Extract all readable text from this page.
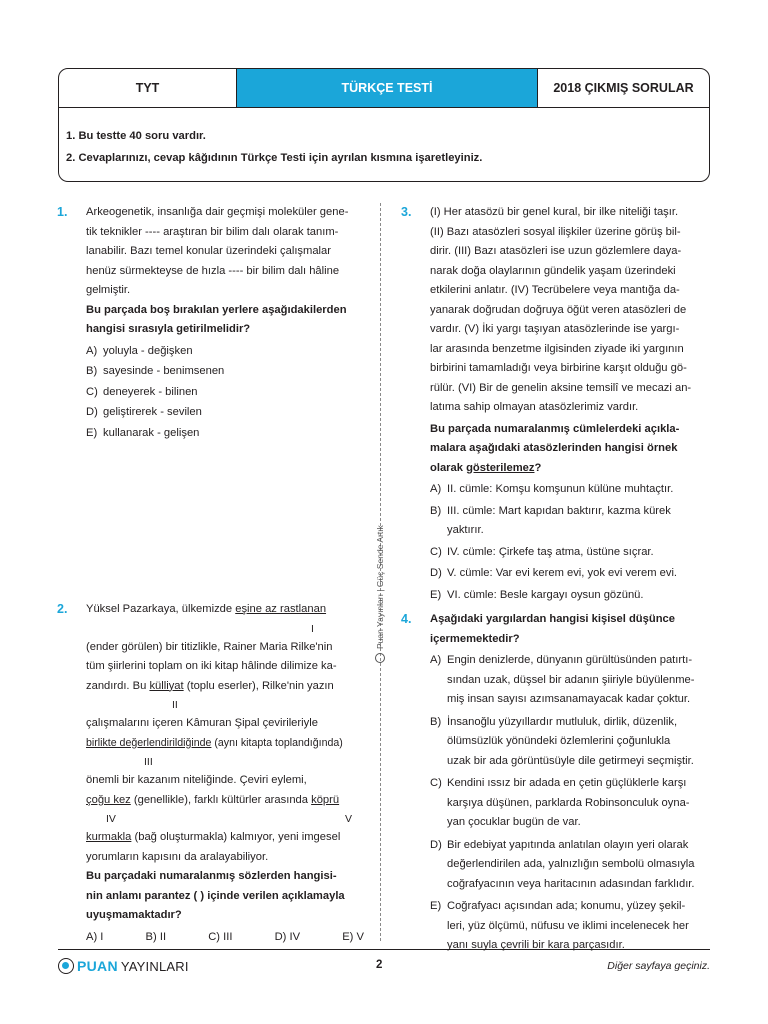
TYT	TÜRKÇE TESTİ	2018 ÇIKMIŞ SORULAR
1. Bu testte 40 soru vardır.
2. Cevaplarınızı, cevap kâğıdının Türkçe Testi için ayrılan kısmına işaretleyiniz.
Puan Yayınları | Güç Sende Artık
1. Arkeogenetik, insanlığa dair geçmişi moleküler gene-
tik teknikler ---- araştıran bir bilim dalı olarak tanım-
lanabilir. Bazı temel konular üzerindeki çalışmalar
henüz sürmekteyse de hızla ---- bir bilim dalı hâline
gelmiştir.
Bu parçada boş bırakılan yerlere aşağıdakilerden
hangisi sırasıyla getirilmelidir?
A) yoluyla - değişken
B) sayesinde - benimsenen
C) deneyerek - bilinen
D) geliştirerek - sevilen
E) kullanarak - gelişen
2. Yüksel Pazarkaya, ülkemizde eşine az rastlanan
I
(ender görülen) bir titizlikle, Rainer Maria Rilke'nin
tüm şiirlerini toplam on iki kitap hâlinde dilimize ka-
zandırdı. Bu külliyat (toplu eserler), Rilke'nin yazın
II
çalışmalarını içeren Kâmuran Şipal çevirileriyle
birlikte değerlendirildiğinde (aynı kitapta toplandığında)
III
önemli bir kazanım niteliğinde. Çeviri eylemi,
çoğu kez (genellikle), farklı kültürler arasında köprü
IV	V
kurmakla (bağ oluşturmakla) kalmıyor, yeni imgesel
yorumların kapısını da aralayabiliyor.
Bu parçadaki numaralanmış sözlerden hangisi-
nin anlamı parantez ( ) içinde verilen açıklamayla
uyuşmamaktadır?
A) I	B) II	C) III	D) IV	E) V
3. (I) Her atasözü bir genel kural, bir ilke niteliği taşır.
(II) Bazı atasözleri sosyal ilişkiler üzerine görüş bil-
dirir. (III) Bazı atasözleri ise uzun gözlemlere daya-
narak doğa olaylarının gündelik yaşam üzerindeki
etkilerini anlatır. (IV) Tecrübelere veya mantığa da-
yanarak doğrudan doğruya öğüt veren atasözleri de
vardır. (V) İki yargı taşıyan atasözlerinde ise yargı-
lar arasında benzetme ilgisinden ziyade iki yargının
birbirini tamamladığı veya birbirine karşıt olduğu gö-
rülür. (VI) Bir de genelin aksine temsilî ve mecazi an-
latıma sahip olmayan atasözlerimiz vardır.
Bu parçada numaralanmış cümlelerdeki açıkla-
malara aşağıdaki atasözlerinden hangisi örnek
olarak gösterilemez?
A) II. cümle: Komşu komşunun külüne muhtaçtır.
B) III. cümle: Mart kapıdan baktırır, kazma kürek
yaktırır.
C) IV. cümle: Çirkefe taş atma, üstüne sıçrar.
D) V. cümle: Var evi kerem evi, yok evi verem evi.
E) VI. cümle: Besle kargayı oysun gözünü.
4. Aşağıdaki yargılardan hangisi kişisel düşünce
içermemektedir?
A) Engin denizlerde, dünyanın gürültüsünden patırtı-
sından uzak, düşsel bir adanın şiiriyle büyülenme-
miş insan sayısı azımsanamayacak kadar çoktur.
B) İnsanoğlu yüzyıllardır mutluluk, dirlik, düzenlik,
ölümsüzlük yönündeki özlemlerini çoğunlukla
uzak bir ada görüntüsüyle dile getirmeyi seçmiştir.
C) Kendini ıssız bir adada en çetin güçlüklerle karşı
karşıya düşünen, parklarda Robinsonculuk oyna-
yan çocuklar bugün de var.
D) Bir edebiyat yapıtında anlatılan olayın yeri olarak
değerlendirilen ada, yalnızlığın sembolü olmasıyla
coğrafyacının veya haritacının adasından farklıdır.
E) Coğrafyacı açısından ada; konumu, yüzey şekil-
leri, yüz ölçümü, nüfusu ve iklimi incelenecek her
yanı suyla çevrili bir kara parçasıdır.
PUAN YAYINLARI	2	Diğer sayfaya geçiniz.
